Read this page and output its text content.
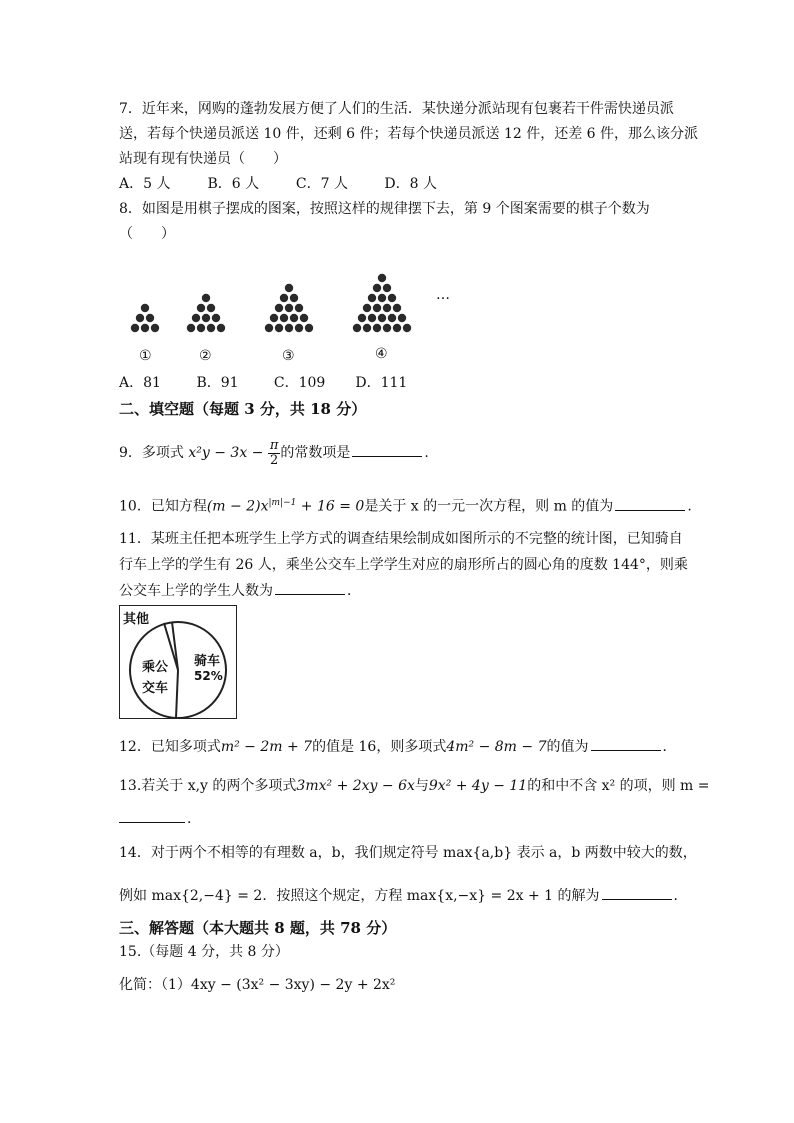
7．近年来，网购的蓬勃发展方便了人们的生活．某快递分派站现有包裹若干件需快递员派
送，若每个快递员派送 10 件，还剩 6 件；若每个快递员派送 12 件，还差 6 件，那么该分派
站现有现有快递员（　　）
A．5 人	B．6 人	C．7 人	D．8 人
8．如图是用棋子摆成的图案，按照这样的规律摆下去，第 9 个图案需要的棋子个数为
（　　）
…
①	②	③	④
A．81	B．91	C．109 D．111
二、填空题（每题 3 分，共 18 分）
9．多项式 $x^2y - 3x - \frac{\pi}{2}$ 的常数项是	.
10．已知方程$(m - 2)x^{|m|-1} + 16 = 0$是关于 x 的一元一次方程，则 m 的值为	.
11．某班主任把本班学生上学方式的调查结果绘制成如图所示的不完整的统计图，已知骑自
行车上学的学生有 26 人，乘坐公交车上学学生对应的扇形所占的圆心角的度数 144°，则乘
公交车上学的学生人数为	．
其他
乘公
交车
骑车
52%
12．已知多项式m² − 2m + 7的值是 16，则多项式4m² − 8m − 7的值为	．
13.若关于 x,y 的两个多项式3mx² + 2xy − 6x与9x² + 4y − 11的和中不含 x² 的项，则 m =
.
14．对于两个不相等的有理数 a，b，我们规定符号 max{a,b} 表示 a，b 两数中较大的数，
例如 max{2,−4} = 2．按照这个规定，方程 max{x,−x} = 2x + 1 的解为	．
三、解答题（本大题共 8 题，共 78 分）
15.（每题 4 分，共 8 分）
化简：（1）4xy − (3x² − 3xy) − 2y + 2x²
